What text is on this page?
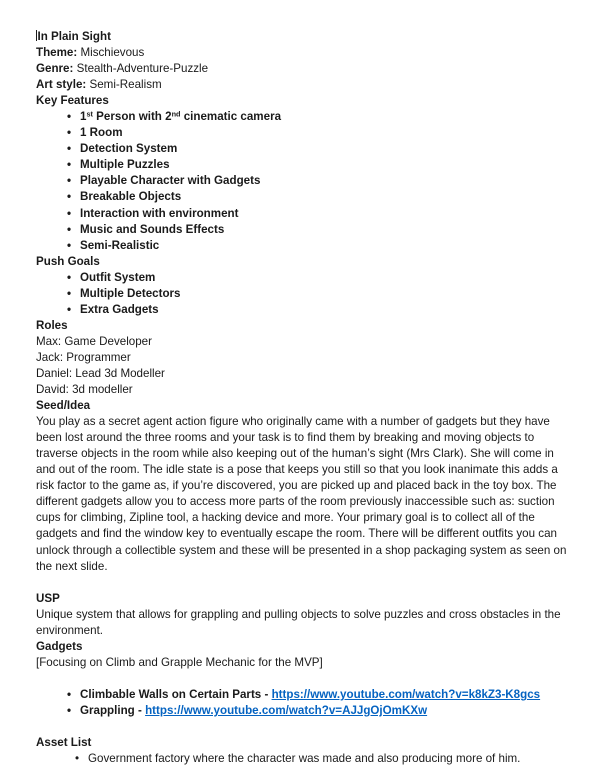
In Plain Sight
Theme: Mischievous
Genre: Stealth-Adventure-Puzzle
Art style: Semi-Realism
Key Features
• 1st Person with 2nd cinematic camera
• 1 Room
• Detection System
• Multiple Puzzles
• Playable Character with Gadgets
• Breakable Objects
• Interaction with environment
• Music and Sounds Effects
• Semi-Realistic
Push Goals
• Outfit System
• Multiple Detectors
• Extra Gadgets
Roles
Max: Game Developer
Jack: Programmer
Daniel: Lead 3d Modeller
David: 3d modeller
Seed/Idea
You play as a secret agent action figure who originally came with a number of gadgets but they have been lost around the three rooms and your task is to find them by breaking and moving objects to traverse objects in the room while also keeping out of the human’s sight (Mrs Clark). She will come in and out of the room. The idle state is a pose that keeps you still so that you look inanimate this adds a risk factor to the game as, if you’re discovered, you are picked up and placed back in the toy box. The different gadgets allow you to access more parts of the room previously inaccessible such as: suction cups for climbing, Zipline tool, a hacking device and more. Your primary goal is to collect all of the gadgets and find the window key to eventually escape the room. There will be different outfits you can unlock through a collectible system and these will be presented in a shop packaging system as seen on the next slide.
USP
Unique system that allows for grappling and pulling objects to solve puzzles and cross obstacles in the environment.
Gadgets
[Focusing on Climb and Grapple Mechanic for the MVP]
• Climbable Walls on Certain Parts - https://www.youtube.com/watch?v=k8kZ3-K8gcs
• Grappling - https://www.youtube.com/watch?v=AJJgOjOmKXw
Asset List
• Government factory where the character was made and also producing more of him.
